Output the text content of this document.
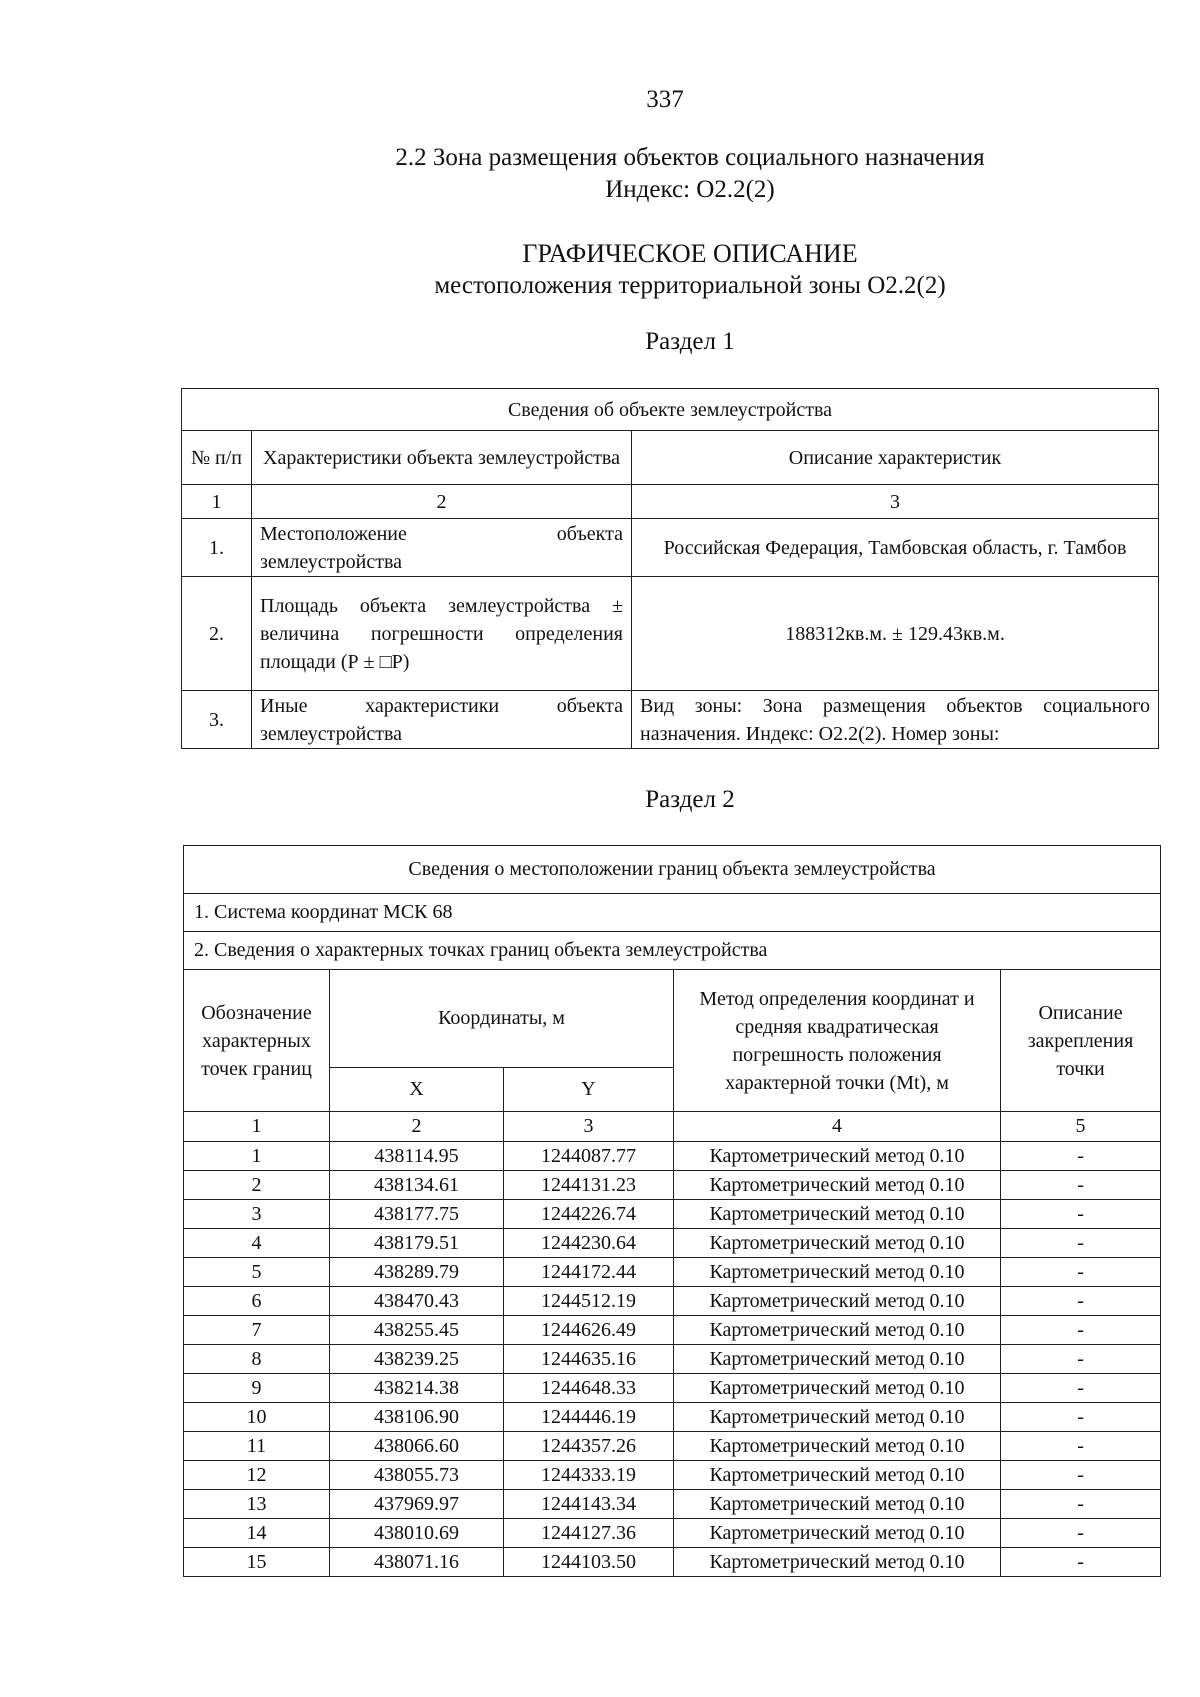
337
2.2 Зона размещения объектов социального назначения
Индекс: О2.2(2)
ГРАФИЧЕСКОЕ ОПИСАНИЕ
местоположения территориальной зоны О2.2(2)
Раздел 1
Сведения об объекте землеустройства		
№ п/п	Характеристики объекта землеустройства	Описание характеристик
1	2	3
1.	Местоположение объекта землеустройства	Российская Федерация, Тамбовская область, г. Тамбов
2.	Площадь объекта землеустройства ± величина погрешности определения площади (Р ± □Р)	188312кв.м. ± 129.43кв.м.
3.	Иные характеристики объекта землеустройства	Вид зоны: Зона размещения объектов социального назначения. Индекс: О2.2(2). Номер зоны:
Раздел 2
Сведения о местоположении границ объекта землеустройства				
1. Система координат МСК 68				
2. Сведения о характерных точках границ объекта землеустройства				
Обозначение характерных точек границ	Координаты, м		Метод определения координат и средняя квадратическая погрешность положения характерной точки (Mt), м	Описание закрепления точки
	X	Y		
1	2	3	4	5
1	438114.95	1244087.77	Картометрический метод 0.10	-
2	438134.61	1244131.23	Картометрический метод 0.10	-
3	438177.75	1244226.74	Картометрический метод 0.10	-
4	438179.51	1244230.64	Картометрический метод 0.10	-
5	438289.79	1244172.44	Картометрический метод 0.10	-
6	438470.43	1244512.19	Картометрический метод 0.10	-
7	438255.45	1244626.49	Картометрический метод 0.10	-
8	438239.25	1244635.16	Картометрический метод 0.10	-
9	438214.38	1244648.33	Картометрический метод 0.10	-
10	438106.90	1244446.19	Картометрический метод 0.10	-
11	438066.60	1244357.26	Картометрический метод 0.10	-
12	438055.73	1244333.19	Картометрический метод 0.10	-
13	437969.97	1244143.34	Картометрический метод 0.10	-
14	438010.69	1244127.36	Картометрический метод 0.10	-
15	438071.16	1244103.50	Картометрический метод 0.10	-
